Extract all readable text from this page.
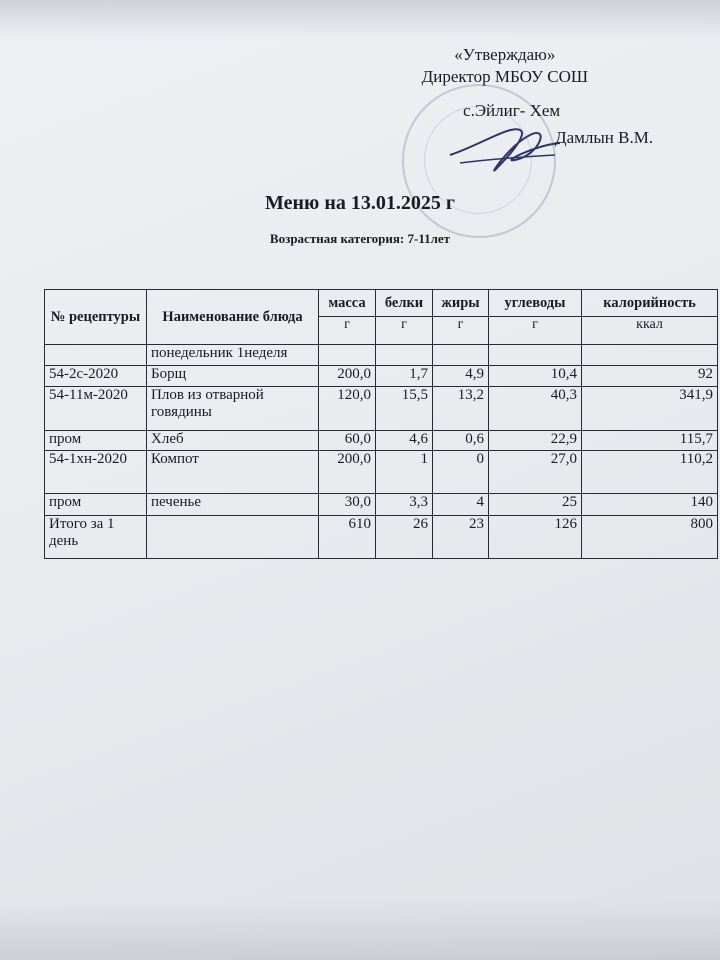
«Утверждаю»
Директор МБОУ СОШ
с.Эйлиг- Хем
Дамлын В.М.
Меню на 13.01.2025 г
Возрастная категория: 7-11лет
№ рецептуры	Наименование блюда	масса	белки	жиры	углеводы	калорийность
		г	г	г	г	ккал
	понедельник 1неделя					
54-2с-2020	Борщ	200,0	1,7	4,9	10,4	92
54-11м-2020	Плов из отварной говядины	120,0	15,5	13,2	40,3	341,9
пром	Хлеб	60,0	4,6	0,6	22,9	115,7
54-1хн-2020	Компот	200,0	1	0	27,0	110,2
пром	печенье	30,0	3,3	4	25	140
Итого за 1 день		610	26	23	126	800
